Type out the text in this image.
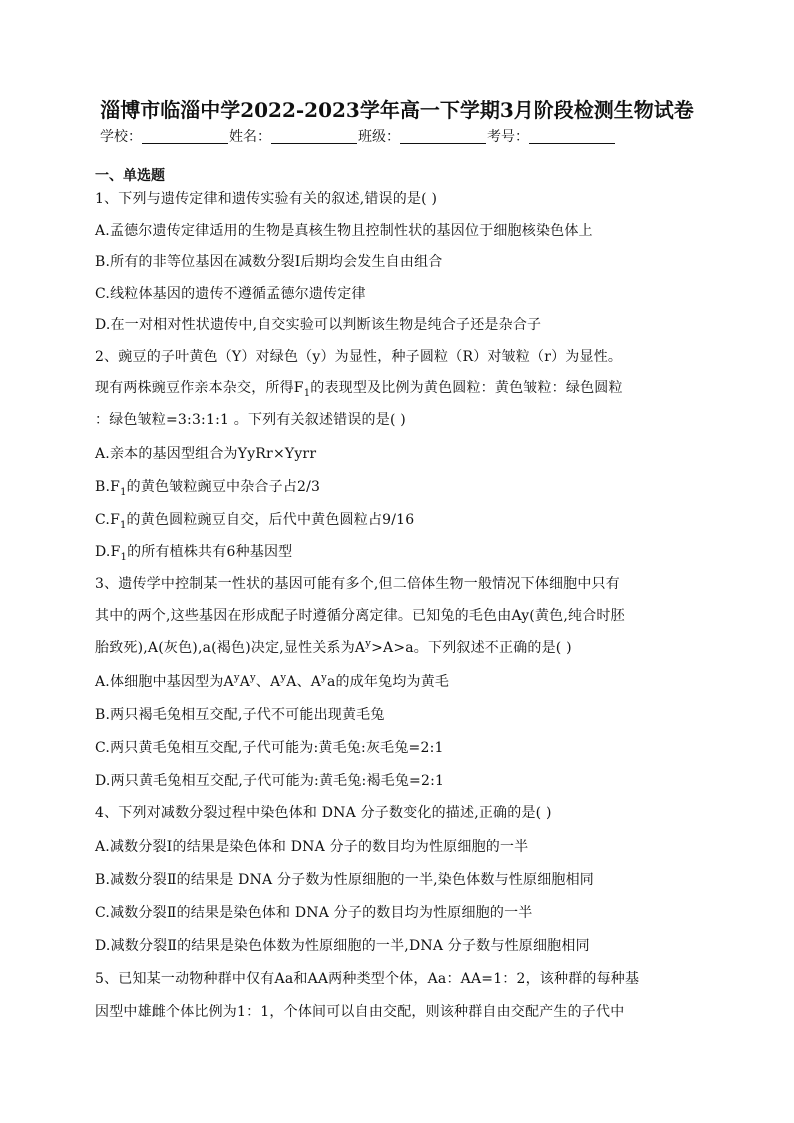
淄博市临淄中学2022-2023学年高一下学期3月阶段检测生物试卷
学校：	姓名：	班级：	考号：
一、单选题
1、下列与遗传定律和遗传实验有关的叙述,错误的是( )
A.孟德尔遗传定律适用的生物是真核生物且控制性状的基因位于细胞核染色体上
B.所有的非等位基因在减数分裂I后期均会发生自由组合
C.线粒体基因的遗传不遵循孟德尔遗传定律
D.在一对相对性状遗传中,自交实验可以判断该生物是纯合子还是杂合子
2、豌豆的子叶黄色（Y）对绿色（y）为显性，种子圆粒（R）对皱粒（r）为显性。
现有两株豌豆作亲本杂交，所得$F_1$的表现型及比例为黄色圆粒：黄色皱粒：绿色圆粒
：绿色皱粒=3:3:1:1 。下列有关叙述错误的是( )
A.亲本的基因型组合为YyRr×Yyrr
$B.F_1$的黄色皱粒豌豆中杂合子占2/3
$C.F_1$的黄色圆粒豌豆自交，后代中黄色圆粒占9/16
$D.F_1$的所有植株共有6种基因型
3、遗传学中控制某一性状的基因可能有多个,但二倍体生物一般情况下体细胞中只有
其中的两个,这些基因在形成配子时遵循分离定律。已知兔的毛色由Ay(黄色,纯合时胚
胎致死),A(灰色),a(褐色)决定,显性关系为$A^y>A>a$。下列叙述不正确的是( )
A.体细胞中基因型为$A^yA^y$、$A^yA$、$A^ya$的成年兔均为黄毛
B.两只褐毛兔相互交配,子代不可能出现黄毛兔
C.两只黄毛兔相互交配,子代可能为:黄毛兔:灰毛兔=2:1
D.两只黄毛兔相互交配,子代可能为:黄毛兔:褐毛兔=2:1
4、下列对减数分裂过程中染色体和 DNA 分子数变化的描述,正确的是( )
A.减数分裂Ⅰ的结果是染色体和 DNA 分子的数目均为性原细胞的一半
B.减数分裂Ⅱ的结果是 DNA 分子数为性原细胞的一半,染色体数与性原细胞相同
C.减数分裂Ⅱ的结果是染色体和 DNA 分子的数目均为性原细胞的一半
D.减数分裂Ⅱ的结果是染色体数为性原细胞的一半,DNA 分子数与性原细胞相同
5、已知某一动物种群中仅有Aa和AA两种类型个体，Aa：AA=1：2，该种群的每种基
因型中雄雌个体比例为1：1，个体间可以自由交配，则该种群自由交配产生的子代中
